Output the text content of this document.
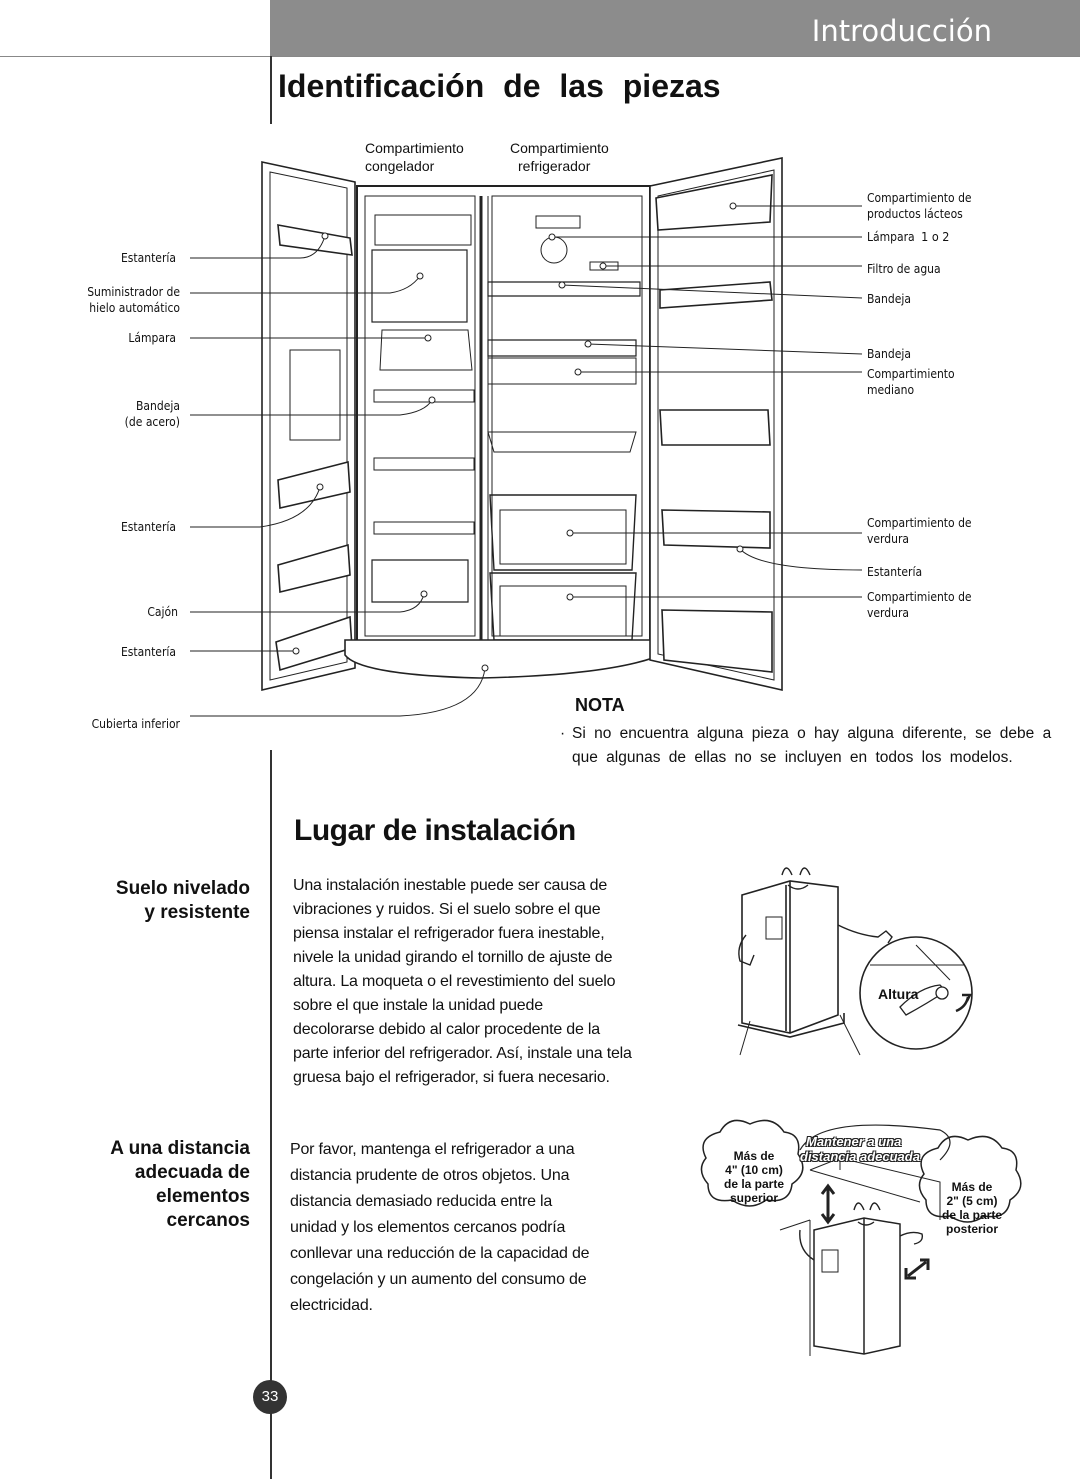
Introducción
Identificación de las piezas
Compartimiento
congelador
Compartimiento
refrigerador
Estantería
Suministrador de
hielo automático
Lámpara
Bandeja
(de acero)
Estantería
Cajón
Estantería
Cubierta inferior
Compartimiento de
productos lácteos
Lámpara 1 o 2
Filtro de agua
Bandeja
Bandeja
Compartimiento
mediano
Compartimiento de
verdura
Estantería
Compartimiento de
verdura
NOTA
· Si no encuentra alguna pieza o hay alguna diferente, se debe a que algunas de ellas no se incluyen en todos los modelos.
Lugar de instalación
Suelo nivelado
y resistente
Una instalación inestable puede ser causa de
vibraciones y ruidos. Si el suelo sobre el que
piensa instalar el refrigerador fuera inestable,
nivele la unidad girando el tornillo de ajuste de
altura. La moqueta o el revestimiento del suelo
sobre el que instale la unidad puede
decolorarse debido al calor procedente de la
parte inferior del refrigerador. Así, instale una tela
gruesa bajo el refrigerador, si fuera necesario.
Altura
A una distancia
adecuada de
elementos
cercanos
Por favor, mantenga el refrigerador a una
distancia prudente de otros objetos. Una
distancia demasiado reducida entre la
unidad y los elementos cercanos podría
conllevar una reducción de la capacidad de
congelación y un aumento del consumo de
electricidad.
Mantener a una
distancia adecuada
Más de
4" (10 cm)
de la parte
superior
Más de
2" (5 cm)
de la parte
posterior
33
